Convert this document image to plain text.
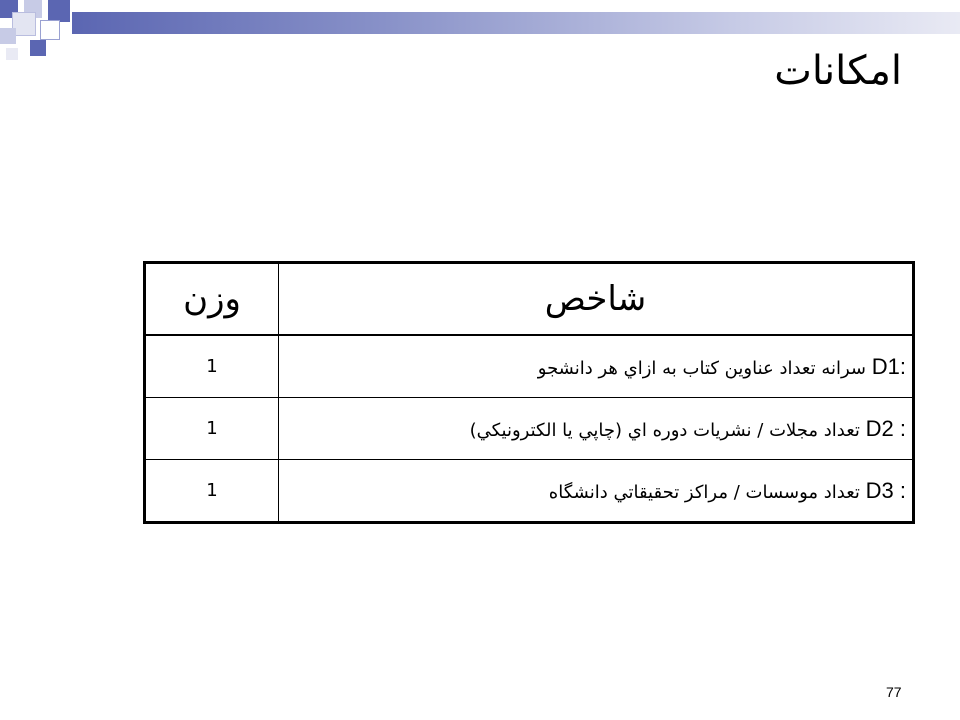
امکانات
وزن	شاخص
1	D1: سرانه تعداد عناوين كتاب به ازاي هر دانشجو
1	D2 : تعداد مجلات / نشريات دوره اي (چاپي يا الكترونيكي)
1	D3 : تعداد موسسات / مراكز تحقيقاتي دانشگاه
77
